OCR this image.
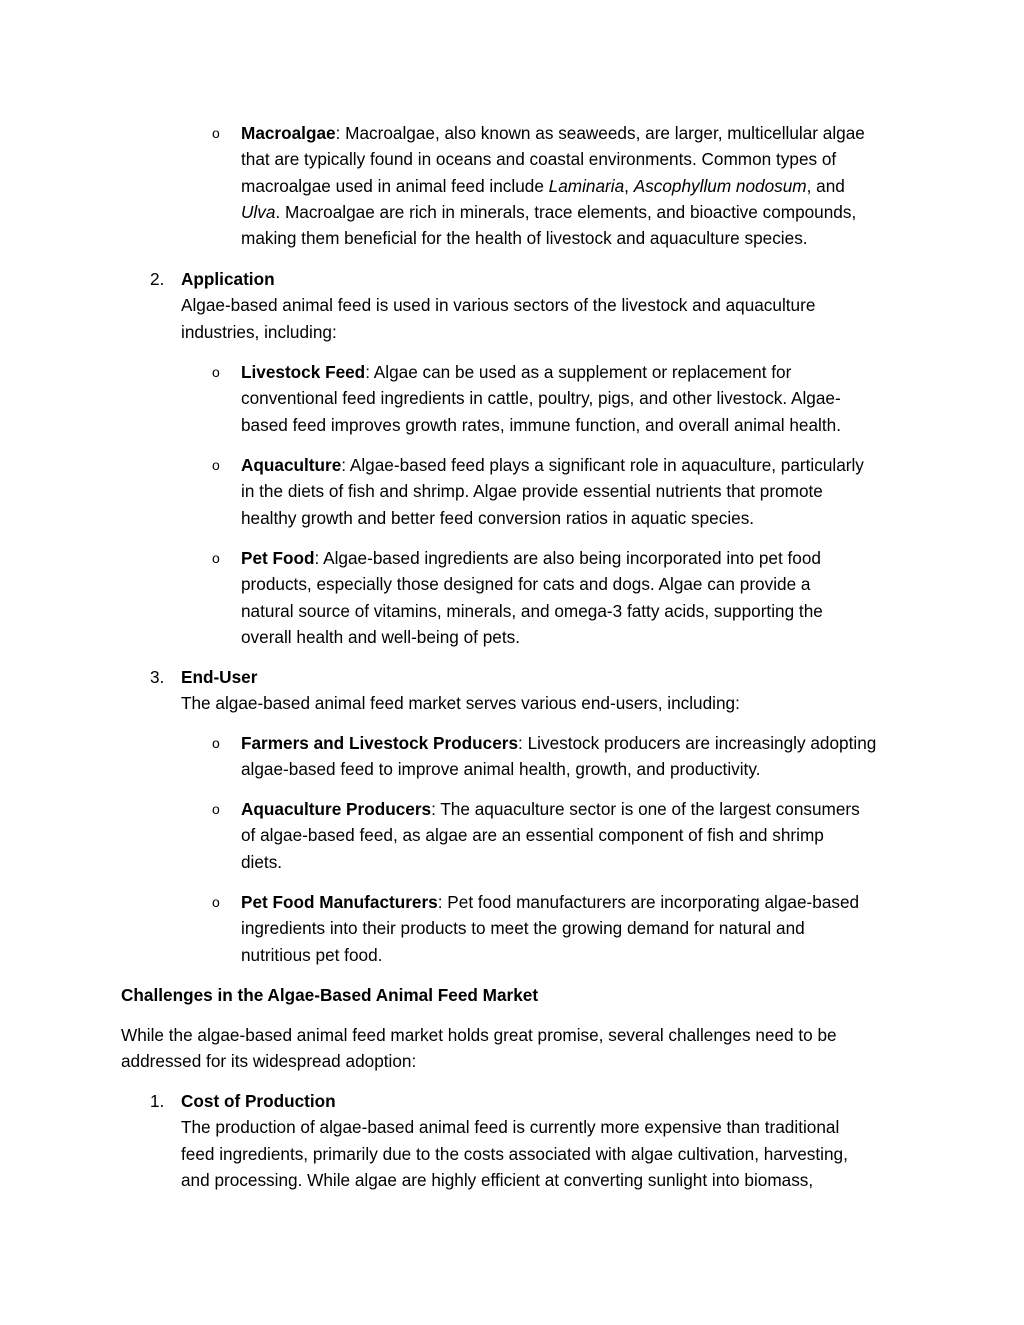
o Macroalgae: Macroalgae, also known as seaweeds, are larger, multicellular algae
that are typically found in oceans and coastal environments. Common types of
macroalgae used in animal feed include Laminaria, Ascophyllum nodosum, and
Ulva. Macroalgae are rich in minerals, trace elements, and bioactive compounds,
making them beneficial for the health of livestock and aquaculture species.
2. Application
Algae-based animal feed is used in various sectors of the livestock and aquaculture
industries, including:
o Livestock Feed: Algae can be used as a supplement or replacement for
conventional feed ingredients in cattle, poultry, pigs, and other livestock. Algae-
based feed improves growth rates, immune function, and overall animal health.
o Aquaculture: Algae-based feed plays a significant role in aquaculture, particularly
in the diets of fish and shrimp. Algae provide essential nutrients that promote
healthy growth and better feed conversion ratios in aquatic species.
o Pet Food: Algae-based ingredients are also being incorporated into pet food
products, especially those designed for cats and dogs. Algae can provide a
natural source of vitamins, minerals, and omega-3 fatty acids, supporting the
overall health and well-being of pets.
3. End-User
The algae-based animal feed market serves various end-users, including:
o Farmers and Livestock Producers: Livestock producers are increasingly adopting
algae-based feed to improve animal health, growth, and productivity.
o Aquaculture Producers: The aquaculture sector is one of the largest consumers
of algae-based feed, as algae are an essential component of fish and shrimp
diets.
o Pet Food Manufacturers: Pet food manufacturers are incorporating algae-based
ingredients into their products to meet the growing demand for natural and
nutritious pet food.
Challenges in the Algae-Based Animal Feed Market
While the algae-based animal feed market holds great promise, several challenges need to be
addressed for its widespread adoption:
1. Cost of Production
The production of algae-based animal feed is currently more expensive than traditional
feed ingredients, primarily due to the costs associated with algae cultivation, harvesting,
and processing. While algae are highly efficient at converting sunlight into biomass,
